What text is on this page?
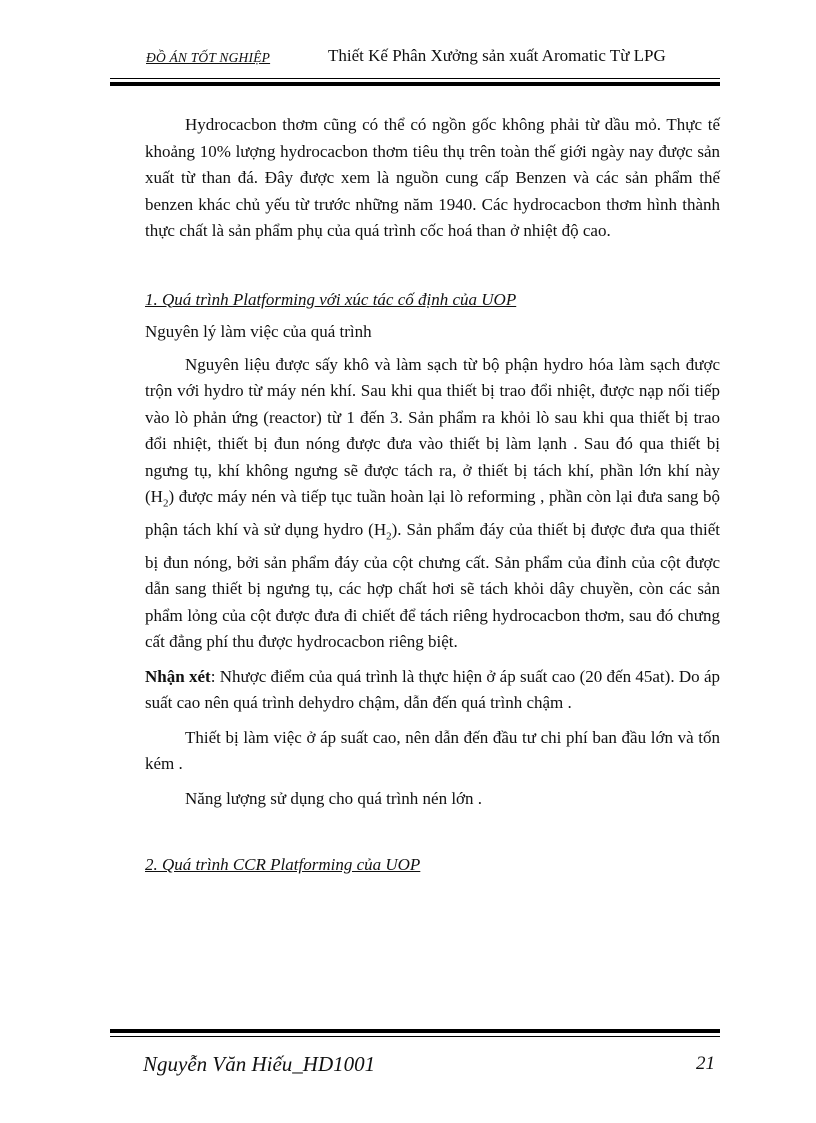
ĐỒ ÁN TỐT NGHIỆP	Thiết Kế Phân Xưởng sản xuất Aromatic Từ LPG

Hydrocacbon thơm cũng có thể có ngồn gốc không phải từ dầu mỏ. Thực tế khoảng 10% lượng hydrocacbon thơm tiêu thụ trên toàn thế giới ngày nay được sản xuất từ than đá. Đây được xem là nguồn cung cấp Benzen và các sản phẩm thế benzen khác chủ yếu từ trước những năm 1940. Các hydrocacbon thơm hình thành thực chất là sản phẩm phụ của quá trình cốc hoá than ở nhiệt độ cao.

1. Quá trình Platforming với xúc tác cố định của UOP

Nguyên lý làm việc của quá trình

Nguyên liệu được sấy khô và làm sạch từ bộ phận hydro hóa làm sạch được trộn với hydro từ máy nén khí. Sau khi qua thiết bị trao đổi nhiệt, được nạp nối tiếp vào lò phản ứng (reactor) từ 1 đến 3. Sản phẩm ra khỏi lò sau khi qua thiết bị trao đổi nhiệt, thiết bị đun nóng được đưa vào thiết bị làm lạnh . Sau đó qua thiết bị ngưng tụ, khí không ngưng sẽ được tách ra, ở thiết bị tách khí, phần lớn khí này $(H_2)$ được máy nén và tiếp tục tuần hoàn lại lò reforming , phần còn lại đưa sang bộ phận tách khí và sử dụng hydro $(H_2)$. Sản phẩm đáy của thiết bị được đưa qua thiết bị đun nóng, bởi sản phẩm đáy của cột chưng cất. Sản phẩm của đỉnh của cột được dẫn sang thiết bị ngưng tụ, các hợp chất hơi sẽ tách khỏi dây chuyền, còn các sản phẩm lỏng của cột được đưa đi chiết để tách riêng hydrocacbon thơm, sau đó chưng cất đẳng phí thu được hydrocacbon riêng biệt.

Nhận xét: Nhược điểm của quá trình là thực hiện ở áp suất cao (20 đến 45at). Do áp suất cao nên quá trình dehydro chậm, dẫn đến quá trình chậm .

Thiết bị làm việc ở áp suất cao, nên dẫn đến đầu tư chi phí ban đầu lớn và tốn kém .

Năng lượng sử dụng cho quá trình nén lớn .

2. Quá trình CCR Platforming của UOP

Nguyễn Văn Hiếu_HD1001	21
